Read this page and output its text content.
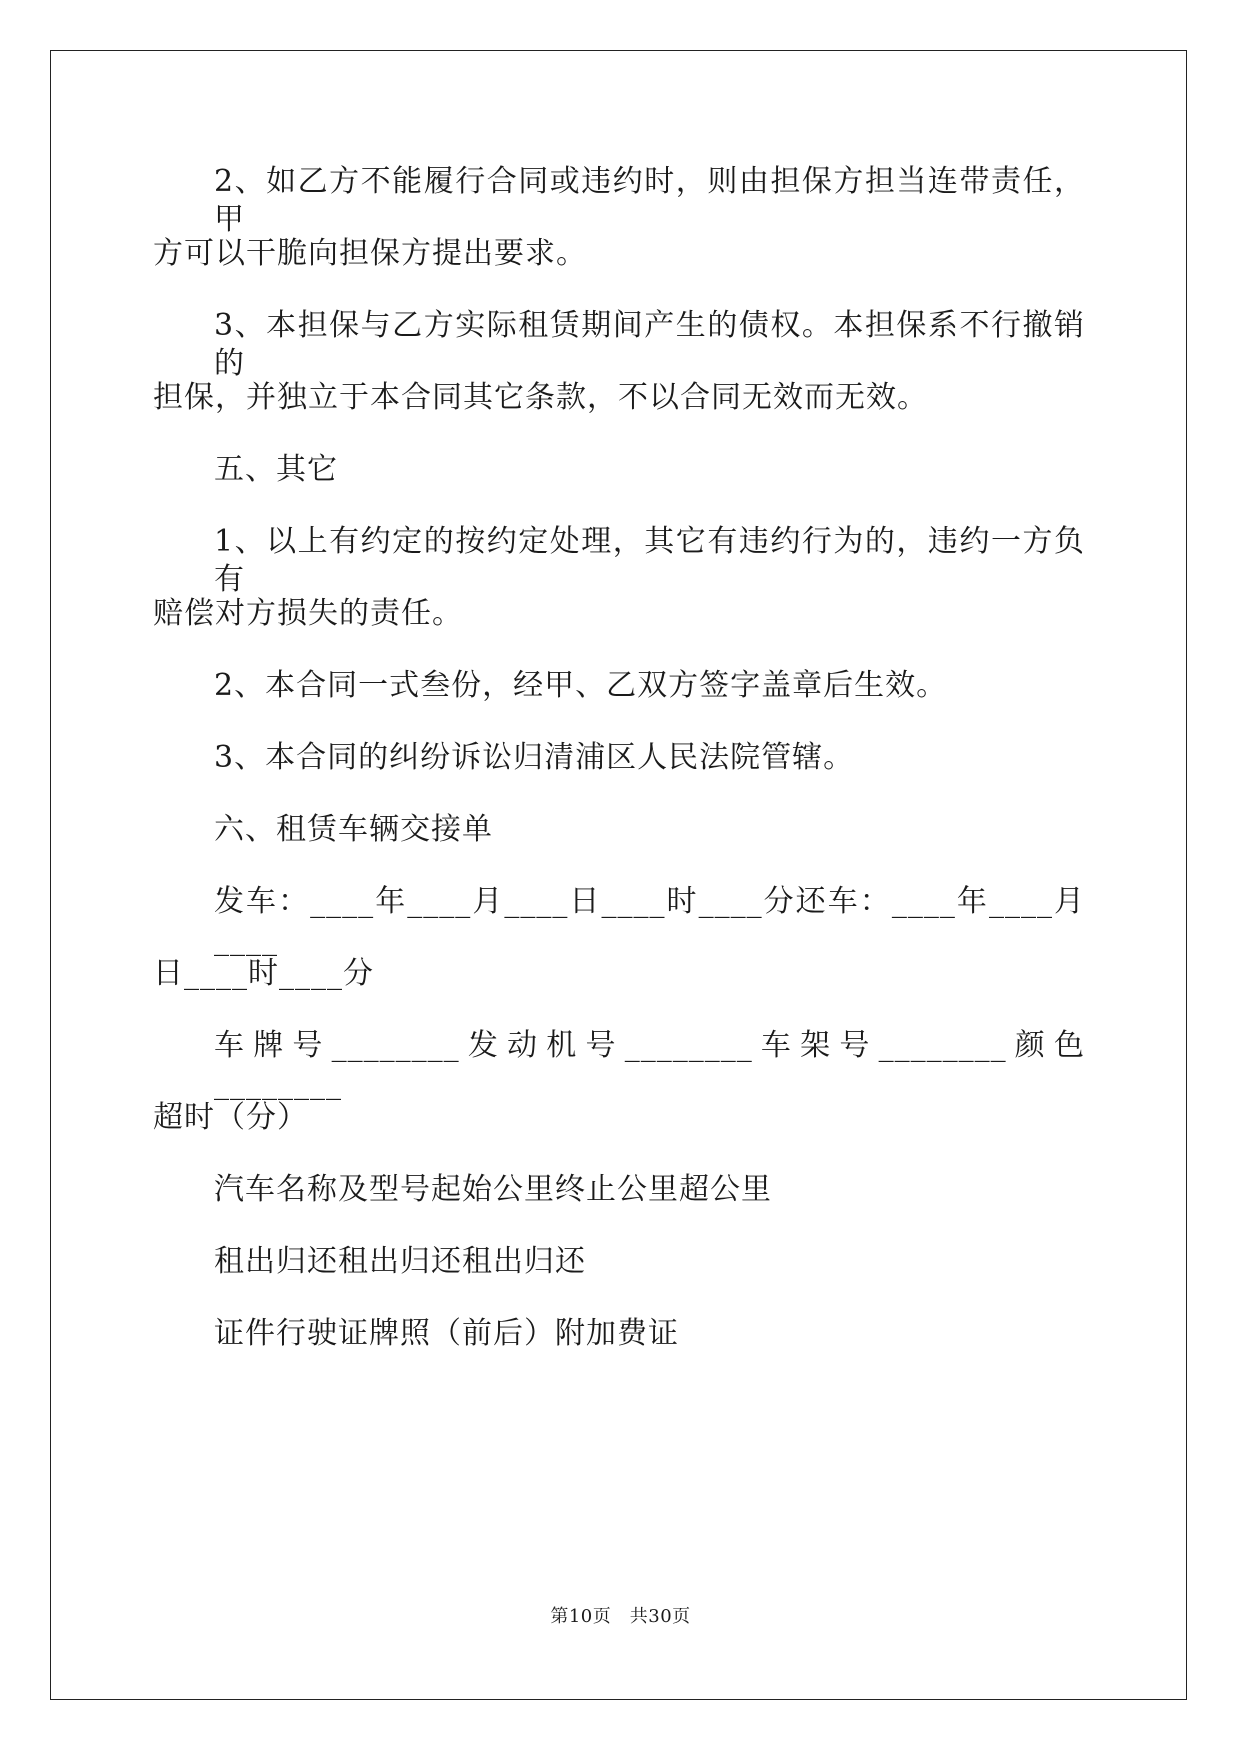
2、如乙方不能履行合同或违约时，则由担保方担当连带责任，甲
方可以干脆向担保方提出要求。
3、本担保与乙方实际租赁期间产生的债权。本担保系不行撤销的
担保，并独立于本合同其它条款，不以合同无效而无效。
五、其它
1、以上有约定的按约定处理，其它有违约行为的，违约一方负有
赔偿对方损失的责任。
2、本合同一式叁份，经甲、乙双方签字盖章后生效。
3、本合同的纠纷诉讼归清浦区人民法院管辖。
六、租赁车辆交接单
发车：____年____月____日____时____分还车：____年____月____
日____时____分
车牌号________发动机号________车架号________颜色________
超时（分）
汽车名称及型号起始公里终止公里超公里
租出归还租出归还租出归还
证件行驶证牌照（前后）附加费证
第10页　共30页
